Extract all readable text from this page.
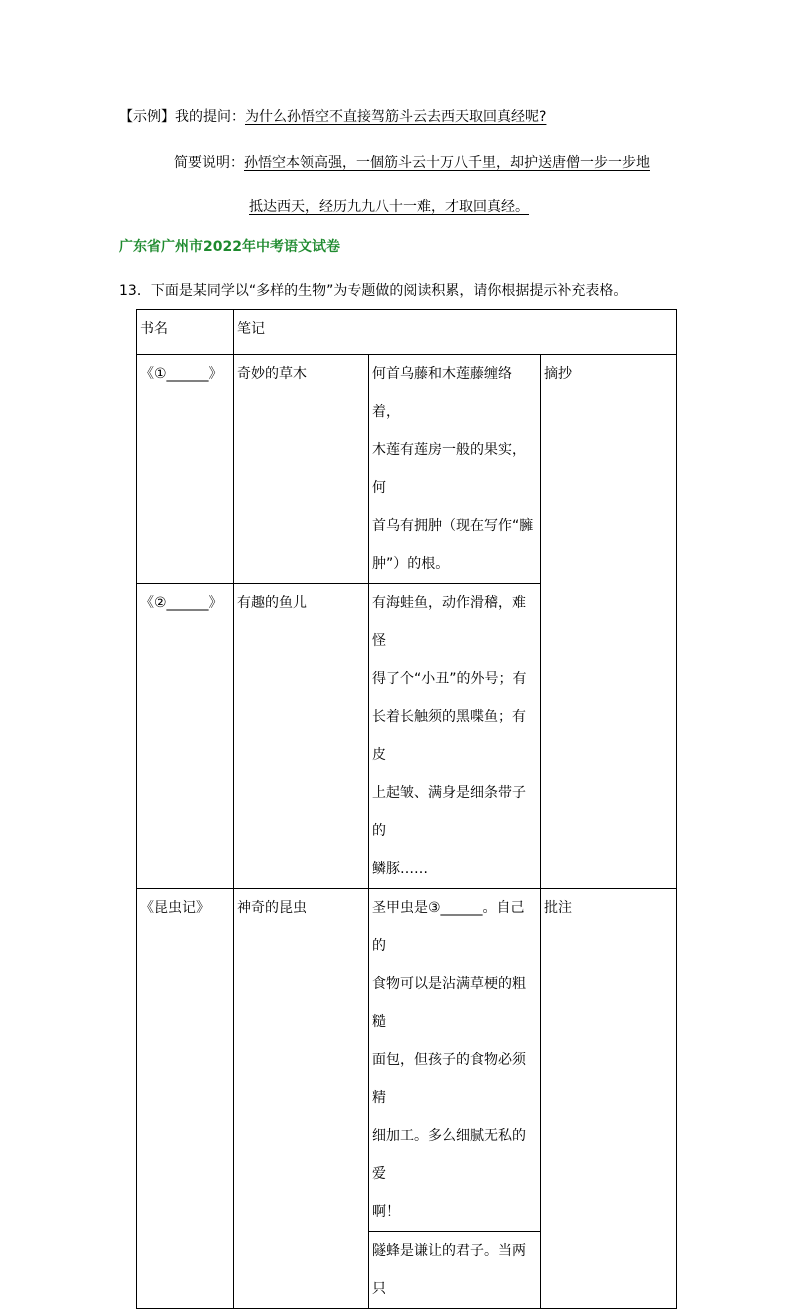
【示例】我的提问：为什么孙悟空不直接驾筋斗云去西天取回真经呢?
简要说明：孙悟空本领高强，一個筋斗云十万八千里，却护送唐僧一步一步地
抵达西天，经历九九八十一难，才取回真经。
广东省广州市2022年中考语文试卷
13．下面是某同学以“多样的生物”为专题做的阅读积累，请你根据提示补充表格。
书名	笔记		
《①______》	奇妙的草木	何首乌藤和木莲藤缠络着，
木莲有莲房一般的果实，何
首乌有拥肿（现在写作“臃
肿”）的根。	摘抄
《②______》	有趣的鱼儿	有海蛙鱼，动作滑稽，难怪
得了个“小丑”的外号；有
长着长触须的黑喋鱼；有皮
上起皱、满身是细条带子的
鳞豚……	

《昆虫记》	神奇的昆虫	圣甲虫是③______。自己的
食物可以是沾满草梗的粗糙
面包，但孩子的食物必须精
细加工。多么细腻无私的爱
啊！	批注

		隧蜂是谦让的君子。当两只	
